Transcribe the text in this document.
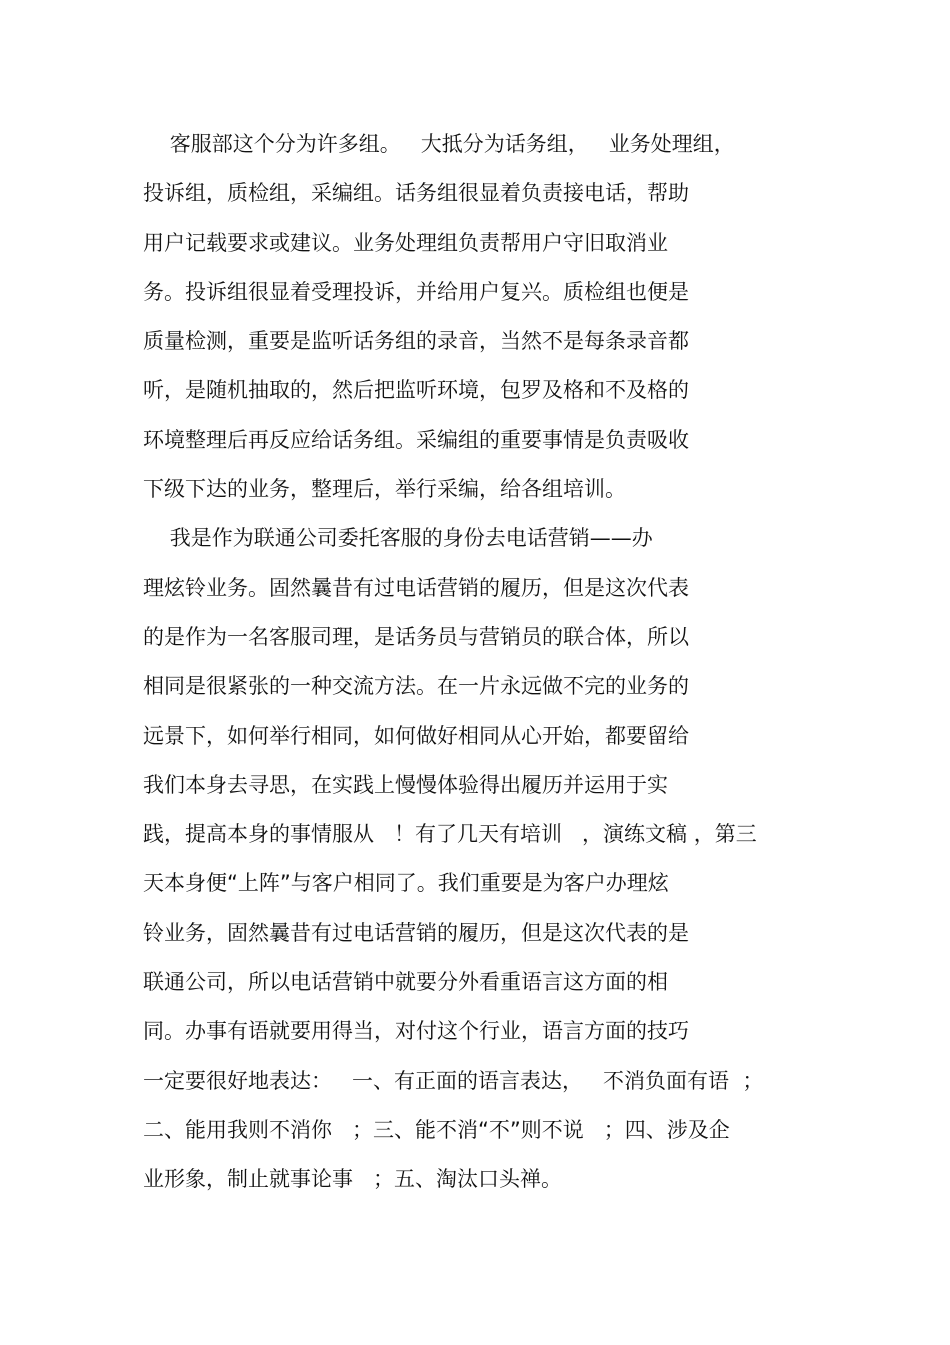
客服部这个分为许多组。   大抵分为话务组，   业务处理组，
投诉组，质检组，采编组。话务组很显着负责接电话，帮助
用户记载要求或建议。业务处理组负责帮用户守旧取消业
务。投诉组很显着受理投诉，并给用户复兴。质检组也便是
质量检测，重要是监听话务组的录音，当然不是每条录音都
听，是随机抽取的，然后把监听环境，包罗及格和不及格的
环境整理后再反应给话务组。采编组的重要事情是负责吸收
下级下达的业务，整理后，举行采编，给各组培训。
我是作为联通公司委托客服的身份去电话营销——办
理炫铃业务。固然曩昔有过电话营销的履历，但是这次代表
的是作为一名客服司理，是话务员与营销员的联合体，所以
相同是很紧张的一种交流方法。在一片永远做不完的业务的
远景下，如何举行相同，如何做好相同从心开始，都要留给
我们本身去寻思，在实践上慢慢体验得出履历并运用于实
践，提高本身的事情服从   ！有了几天有培训   ，演练文稿 ，第三
天本身便“上阵”与客户相同了。我们重要是为客户办理炫
铃业务，固然曩昔有过电话营销的履历，但是这次代表的是
联通公司，所以电话营销中就要分外看重语言这方面的相
同。办事有语就要用得当，对付这个行业，语言方面的技巧
一定要很好地表达：   一、有正面的语言表达，   不消负面有语  ；
二、能用我则不消你   ；三、能不消“不”则不说   ；四、涉及企
业形象，制止就事论事   ；五、淘汰口头禅。
